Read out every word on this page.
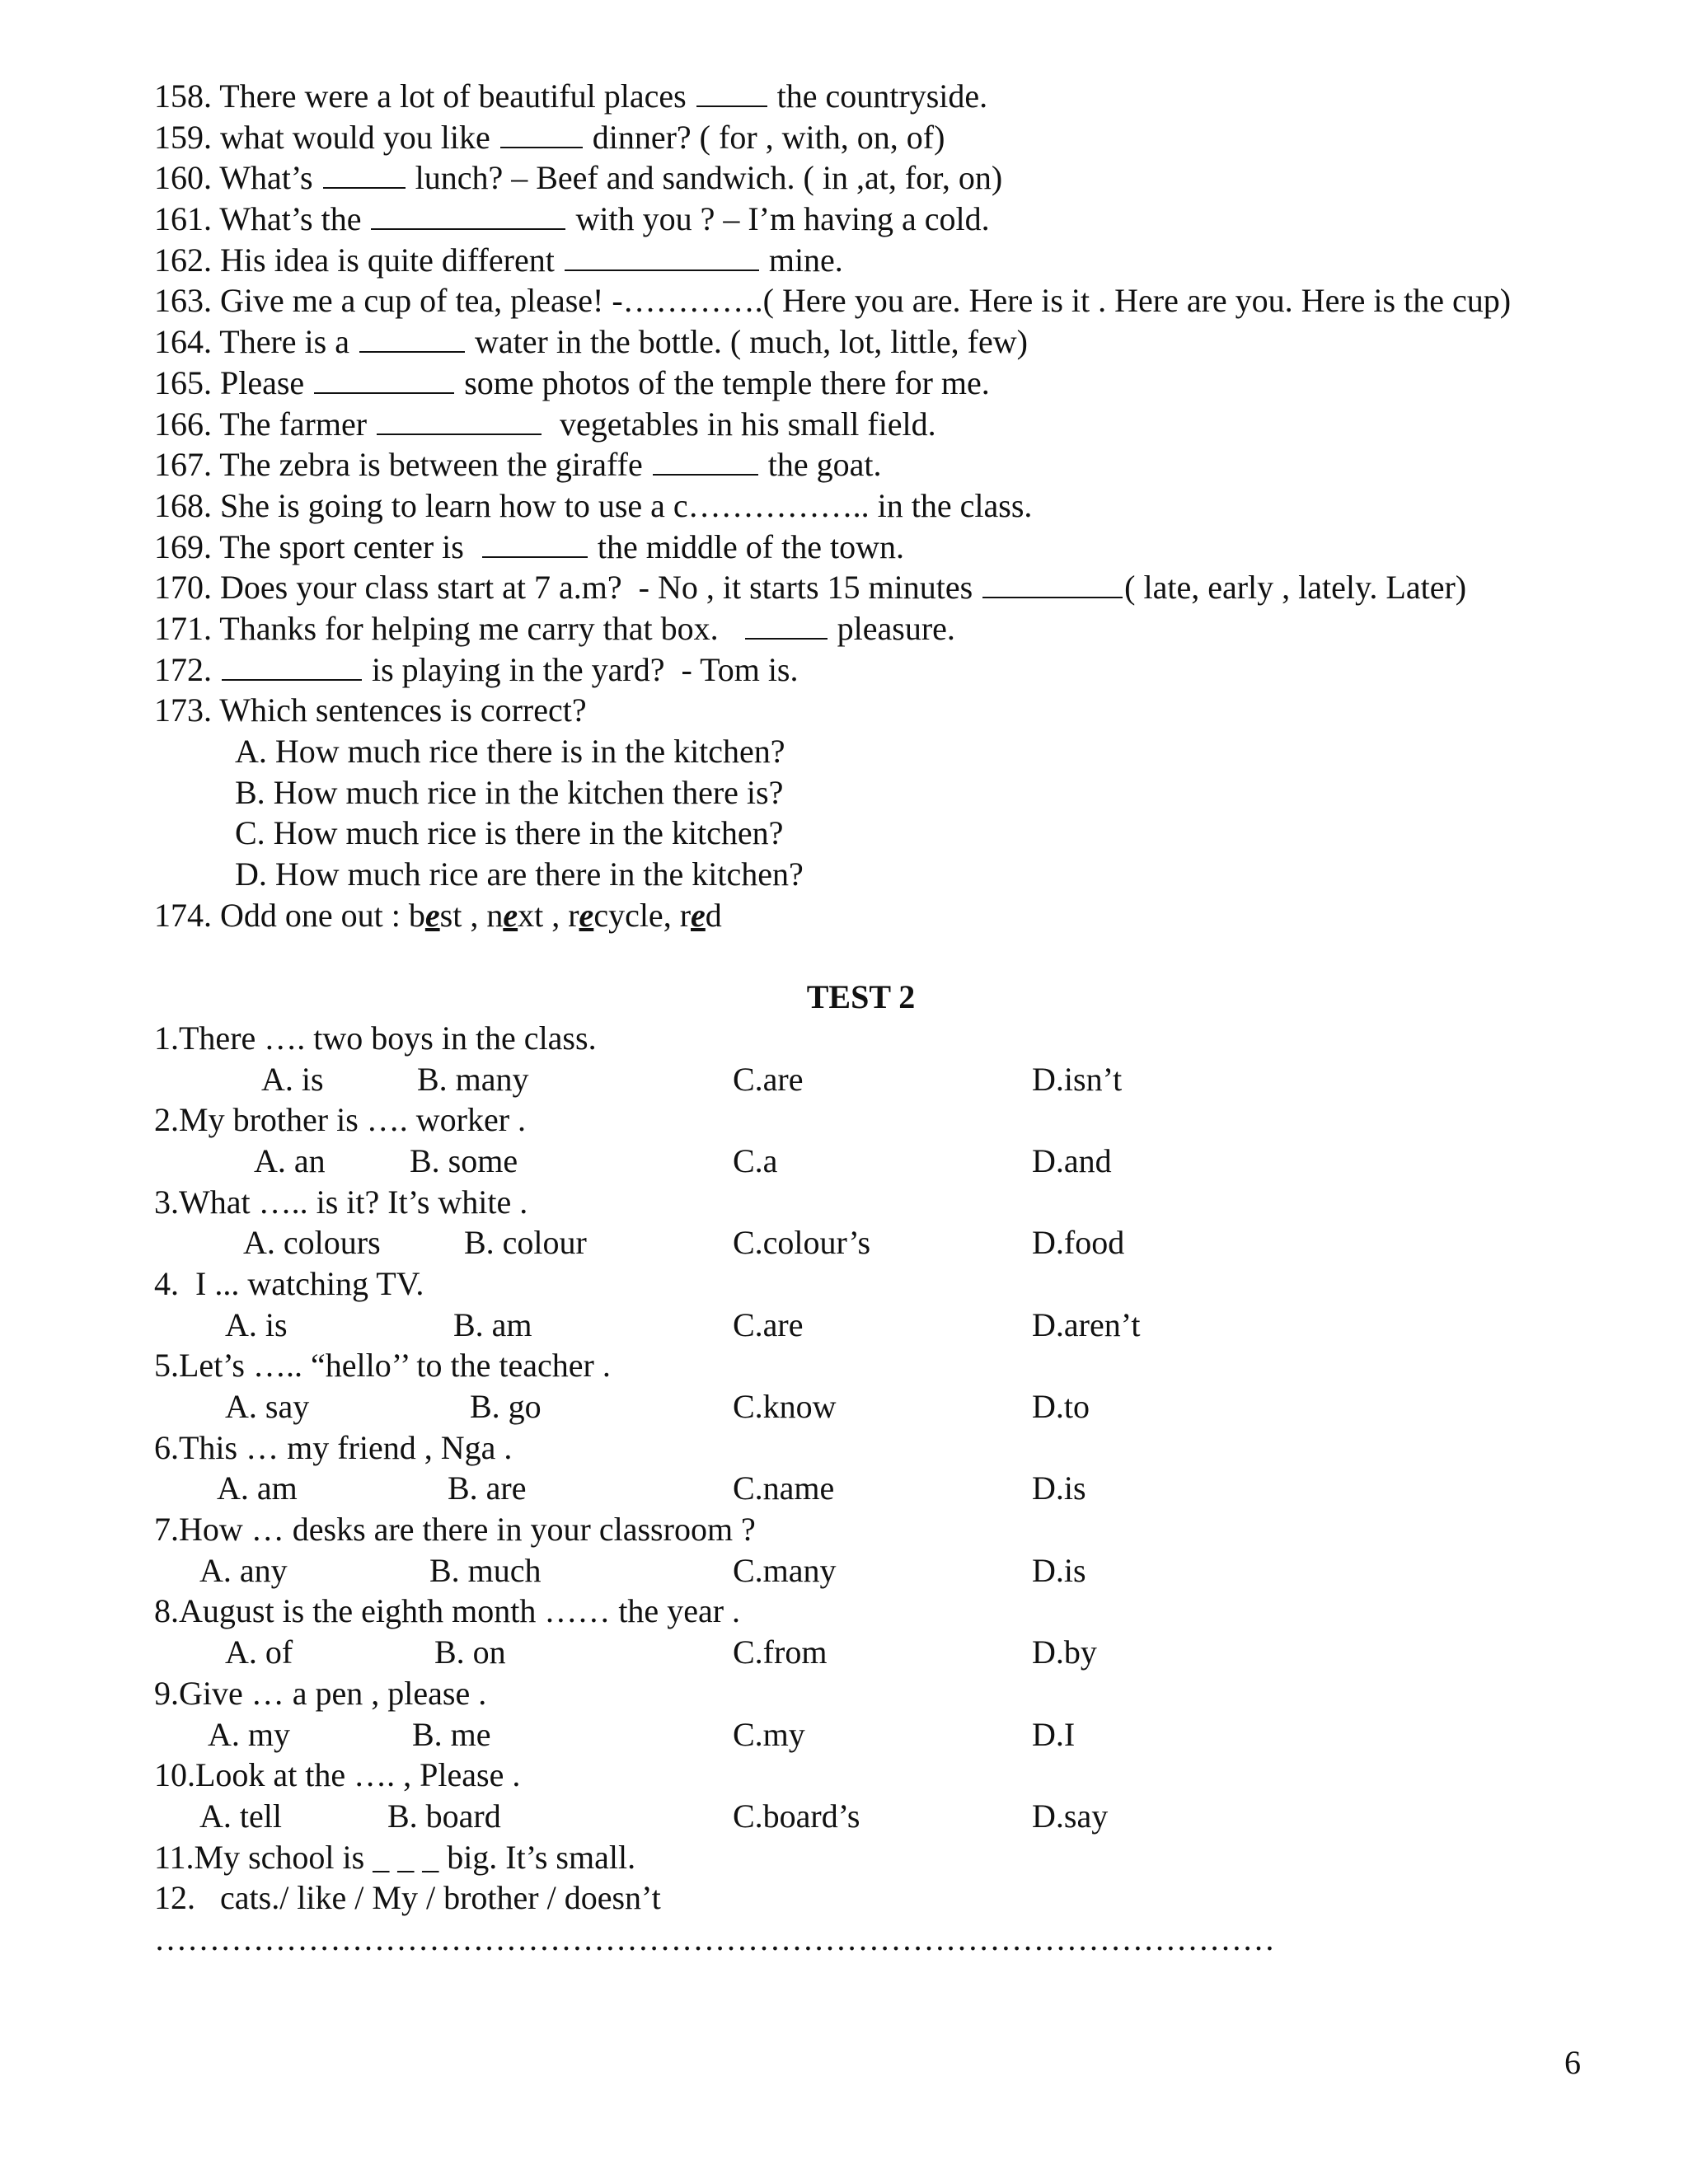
158. There were a lot of beautiful places  the countryside.
159. what would you like	dinner? ( for , with, on, of)
160. What’s	lunch? – Beef and sandwich. ( in ,at, for, on)
161. What’s the	with you ? – I’m having a cold.
162. His idea is quite different	mine.
163. Give me a cup of tea, please! -………….( Here you are. Here is it . Here are you. Here is the cup)
164. There is a	water in the bottle. ( much, lot, little, few)
165. Please	some photos of the temple there for me.
166. The farmer	vegetables in his small field.
167. The zebra is between the giraffe	the goat.
168. She is going to learn how to use a c…………….. in the class.
169. The sport center is	the middle of the town.
170. Does your class start at 7 a.m?  - No , it starts 15 minutes	( late, early , lately. Later)
171. Thanks for helping me carry that box.	pleasure.
172.	is playing in the yard?  - Tom is.
173. Which sentences is correct?
A. How much rice there is in the kitchen?
B. How much rice in the kitchen there is?
C. How much rice is there in the kitchen?
D. How much rice are there in the kitchen?
174. Odd one out : best , next , recycle, red
TEST 2
1.There …. two boys in the class.
A. is	B. many	C.are	D.isn’t
2.My brother is …. worker .
A. an	B. some	C.a	D.and
3.What ….. is it? It’s white .
A. colours	B. colour	C.colour’s	D.food
4.  I ... watching TV.
A. is	B. am	C.are	D.aren’t
5.Let’s ….. “hello’’ to the teacher .
A. say	B. go	C.know	D.to
6.This … my friend , Nga .
A. am	B. are	C.name	D.is
7.How … desks are there in your classroom ?
A. any	B. much	C.many	D.is
8.August is the eighth month …… the year .
A. of	B. on	C.from	D.by
9.Give … a pen , please .
A. my	B. me	C.my	D.I
10.Look at the …. , Please .
A. tell	B. board	C.board’s	D.say
11.My school is _ _ _ big. It’s small.
12.   cats./ like / My / brother / doesn’t
…………………………………………………………………………………………
6
